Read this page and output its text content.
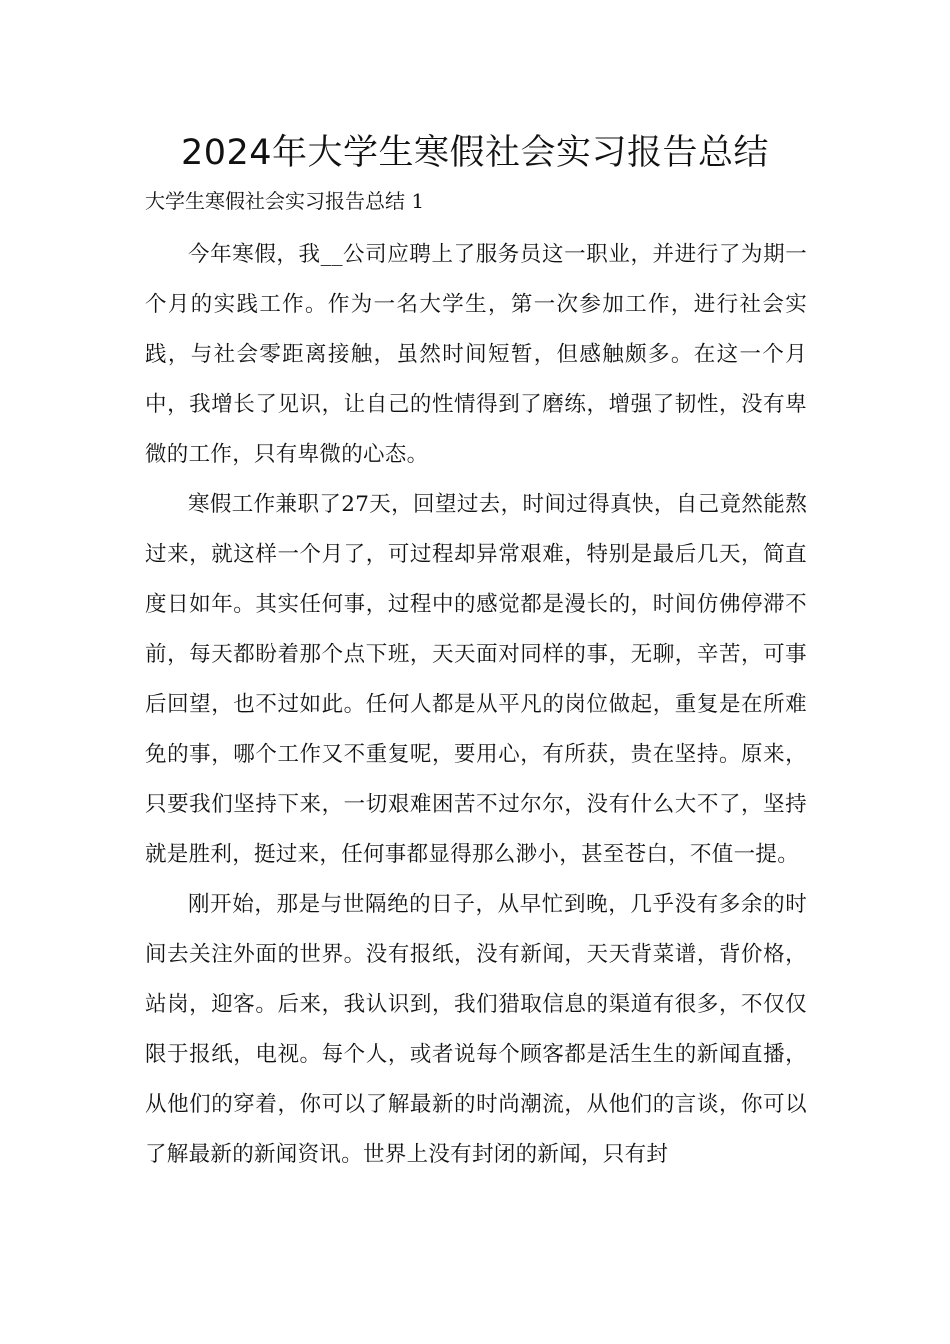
2024年大学生寒假社会实习报告总结

大学生寒假社会实习报告总结 1

今年寒假，我__公司应聘上了服务员这一职业，并进行了为期一个月的实践工作。作为一名大学生，第一次参加工作，进行社会实践，与社会零距离接触，虽然时间短暂，但感触颇多。在这一个月中，我增长了见识，让自己的性情得到了磨练，增强了韧性，没有卑微的工作，只有卑微的心态。

寒假工作兼职了27天，回望过去，时间过得真快，自己竟然能熬过来，就这样一个月了，可过程却异常艰难，特别是最后几天，简直度日如年。其实任何事，过程中的感觉都是漫长的，时间仿佛停滞不前，每天都盼着那个点下班，天天面对同样的事，无聊，辛苦，可事后回望，也不过如此。任何人都是从平凡的岗位做起，重复是在所难免的事，哪个工作又不重复呢，要用心，有所获，贵在坚持。原来，只要我们坚持下来，一切艰难困苦不过尔尔，没有什么大不了，坚持就是胜利，挺过来，任何事都显得那么渺小，甚至苍白，不值一提。

刚开始，那是与世隔绝的日子，从早忙到晚，几乎没有多余的时间去关注外面的世界。没有报纸，没有新闻，天天背菜谱，背价格，站岗，迎客。后来，我认识到，我们猎取信息的渠道有很多，不仅仅限于报纸，电视。每个人，或者说每个顾客都是活生生的新闻直播，从他们的穿着，你可以了解最新的时尚潮流，从他们的言谈，你可以了解最新的新闻资讯。世界上没有封闭的新闻，只有封
